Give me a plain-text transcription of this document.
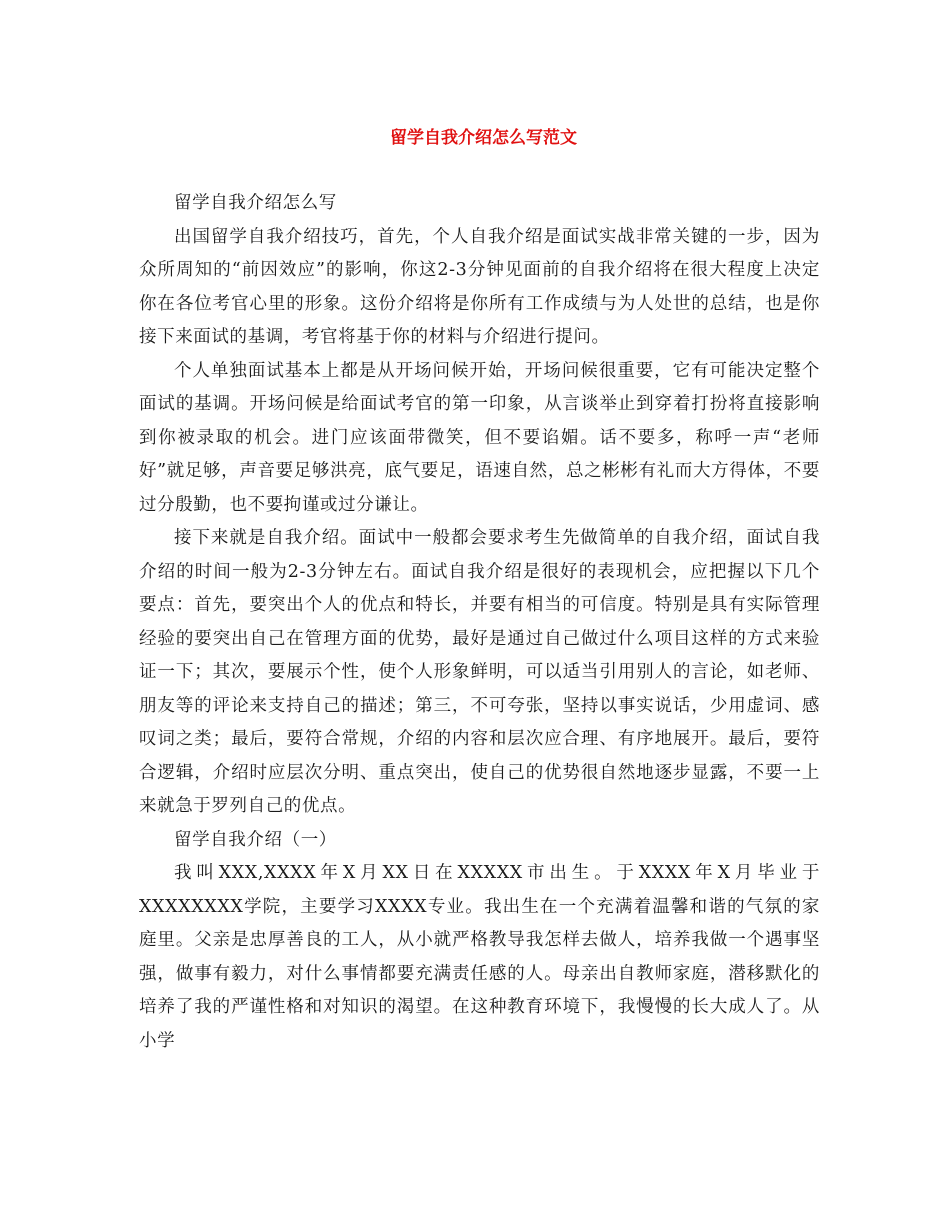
留学自我介绍怎么写范文

留学自我介绍怎么写

出国留学自我介绍技巧，首先，个人自我介绍是面试实战非常关键的一步，因为众所周知的“前因效应”的影响，你这2-3分钟见面前的自我介绍将在很大程度上决定你在各位考官心里的形象。这份介绍将是你所有工作成绩与为人处世的总结，也是你接下来面试的基调，考官将基于你的材料与介绍进行提问。

个人单独面试基本上都是从开场问候开始，开场问候很重要，它有可能决定整个面试的基调。开场问候是给面试考官的第一印象，从言谈举止到穿着打扮将直接影响到你被录取的机会。进门应该面带微笑，但不要谄媚。话不要多，称呼一声“老师好”就足够，声音要足够洪亮，底气要足，语速自然，总之彬彬有礼而大方得体，不要过分殷勤，也不要拘谨或过分谦让。

接下来就是自我介绍。面试中一般都会要求考生先做简单的自我介绍，面试自我介绍的时间一般为2-3分钟左右。面试自我介绍是很好的表现机会，应把握以下几个要点：首先，要突出个人的优点和特长，并要有相当的可信度。特别是具有实际管理经验的要突出自己在管理方面的优势，最好是通过自己做过什么项目这样的方式来验证一下；其次，要展示个性，使个人形象鲜明，可以适当引用别人的言论，如老师、朋友等的评论来支持自己的描述；第三，不可夸张，坚持以事实说话，少用虚词、感叹词之类；最后，要符合常规，介绍的内容和层次应合理、有序地展开。最后，要符合逻辑，介绍时应层次分明、重点突出，使自己的优势很自然地逐步显露，不要一上来就急于罗列自己的优点。

留学自我介绍（一）

我叫XXX,XXXX年X月XX日在XXXXX市出生。于XXXX年X月毕业于XXXXXXXX学院，主要学习XXXX专业。我出生在一个充满着温馨和谐的气氛的家庭里。父亲是忠厚善良的工人，从小就严格教导我怎样去做人，培养我做一个遇事坚强，做事有毅力，对什么事情都要充满责任感的人。母亲出自教师家庭，潜移默化的培养了我的严谨性格和对知识的渴望。在这种教育环境下，我慢慢的长大成人了。从小学
